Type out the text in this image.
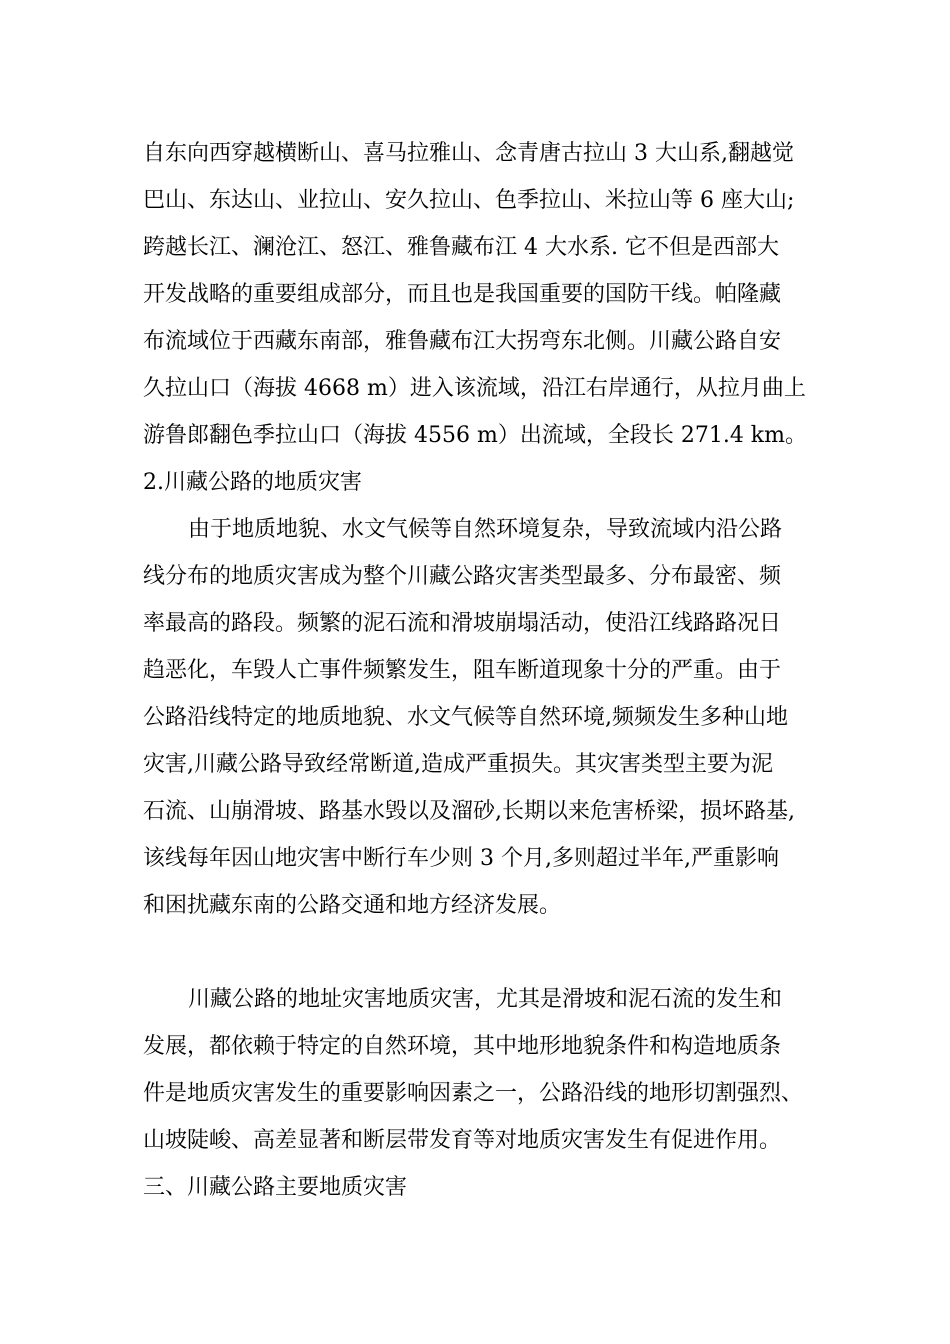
自东向西穿越横断山、喜马拉雅山、念青唐古拉山 3 大山系,翻越觉
巴山、东达山、业拉山、安久拉山、色季拉山、米拉山等 6 座大山;
跨越长江、澜沧江、怒江、雅鲁藏布江 4 大水系. 它不但是西部大
开发战略的重要组成部分，而且也是我国重要的国防干线。帕隆藏
布流域位于西藏东南部，雅鲁藏布江大拐弯东北侧。川藏公路自安
久拉山口（海拔 4668 m）进入该流域，沿江右岸通行，从拉月曲上
游鲁郎翻色季拉山口（海拔 4556 m）出流域，全段长 271.4 km。
2.川藏公路的地质灾害
由于地质地貌、水文气候等自然环境复杂，导致流域内沿公路
线分布的地质灾害成为整个川藏公路灾害类型最多、分布最密、频
率最高的路段。频繁的泥石流和滑坡崩塌活动，使沿江线路路况日
趋恶化，车毁人亡事件频繁发生，阻车断道现象十分的严重。由于
公路沿线特定的地质地貌、水文气候等自然环境,频频发生多种山地
灾害,川藏公路导致经常断道,造成严重损失。其灾害类型主要为泥
石流、山崩滑坡、路基水毁以及溜砂,长期以来危害桥梁，损坏路基,
该线每年因山地灾害中断行车少则 3 个月,多则超过半年,严重影响
和困扰藏东南的公路交通和地方经济发展。
川藏公路的地址灾害地质灾害，尤其是滑坡和泥石流的发生和
发展，都依赖于特定的自然环境，其中地形地貌条件和构造地质条
件是地质灾害发生的重要影响因素之一，公路沿线的地形切割强烈、
山坡陡峻、高差显著和断层带发育等对地质灾害发生有促进作用。
三、川藏公路主要地质灾害
